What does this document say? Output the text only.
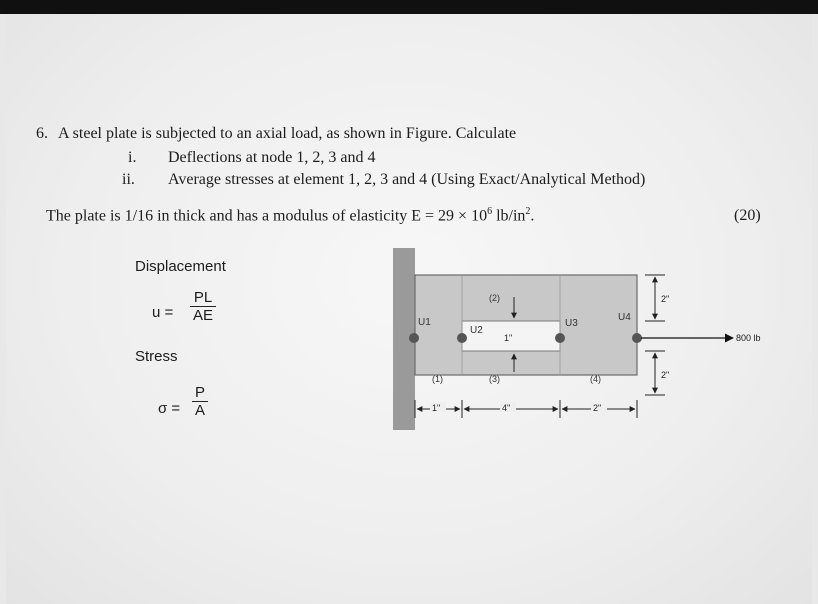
6. A steel plate is subjected to an axial load, as shown in Figure. Calculate
i. Deflections at node 1, 2, 3 and 4
ii. Average stresses at element 1, 2, 3 and 4 (Using Exact/Analytical Method)
The plate is 1/16 in thick and has a modulus of elasticity $E = 29 \times 10^6$ $lb/in^2$.	(20)
Displacement
$u = \frac{PL}{AE}$
Stress
$\sigma = \frac{P}{A}$
U1
U2
U3
U4
(1)
(2)
(3)	(4)
1"
2"
2"
800 lb
1"	4"	2"
